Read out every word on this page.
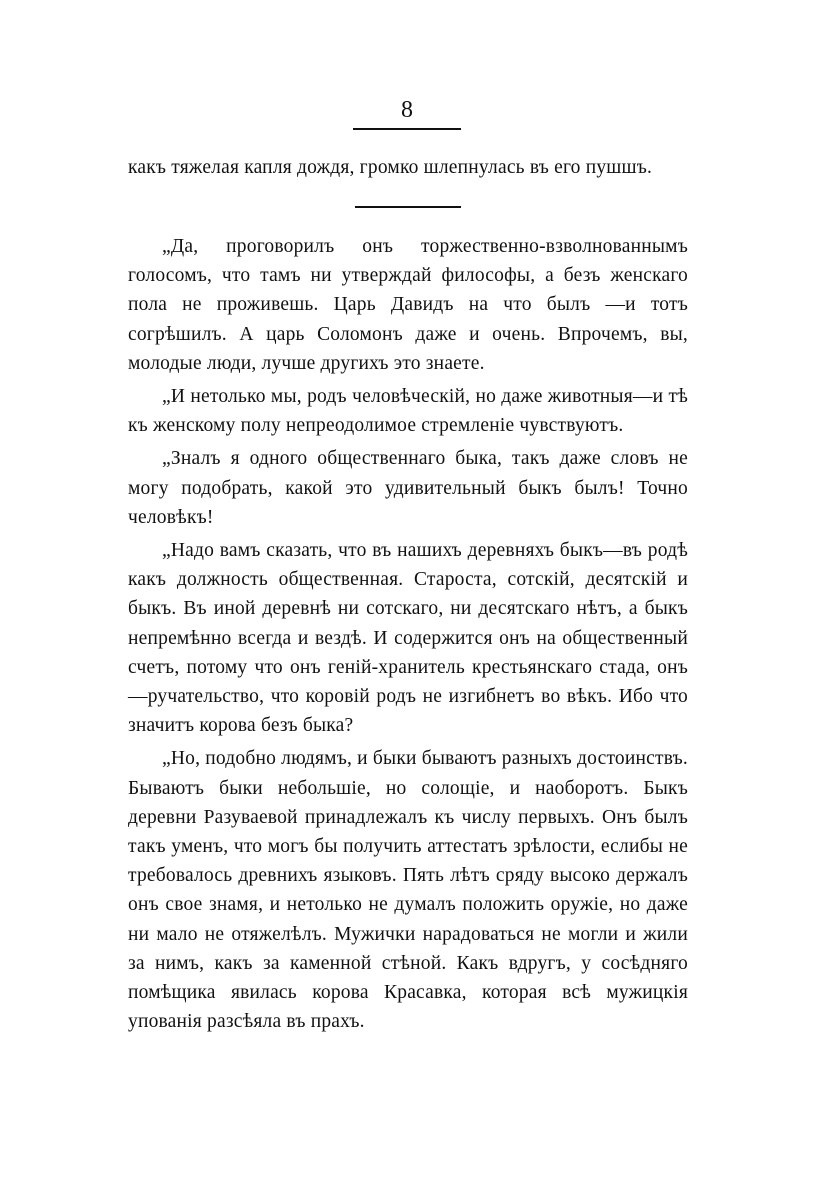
8

какъ тяжелая капля дождя, громко шлепнулась въ его пушшъ.

„Да, проговорилъ онъ торжественно-взволнованнымъ голосомъ, что тамъ ни утверждай философы, а безъ женскаго пола не проживешь. Царь Давидъ на что былъ —и тотъ согрѣшилъ. А царь Соломонъ даже и очень. Впрочемъ, вы, молодые люди, лучше другихъ это знаете.

„И нетолько мы, родъ человѣческій, но даже животныя—и тѣ къ женскому полу непреодолимое стремленіе чувствуютъ.

„Зналъ я одного общественнаго быка, такъ даже словъ не могу подобрать, какой это удивительный быкъ былъ! Точно человѣкъ!

„Надо вамъ сказать, что въ нашихъ деревняхъ быкъ—въ родѣ какъ должность общественная. Староста, сотскій, десятскій и быкъ. Въ иной деревнѣ ни сотскаго, ни десятскаго нѣтъ, а быкъ непремѣнно всегда и вездѣ. И содержится онъ на общественный счетъ, потому что онъ геній-хранитель крестьянскаго стада, онъ—ручательство, что коровій родъ не изгибнетъ во вѣкъ. Ибо что значитъ корова безъ быка?

„Но, подобно людямъ, и быки бываютъ разныхъ достоинствъ. Бываютъ быки небольшіе, но солощіе, и наоборотъ. Быкъ деревни Разуваевой принадлежалъ къ числу первыхъ. Онъ былъ такъ уменъ, что могъ бы получить аттестатъ зрѣлости, еслибы не требовалось древнихъ языковъ. Пять лѣтъ сряду высоко держалъ онъ свое знамя, и нетолько не думалъ положить оружіе, но даже ни мало не отяжелѣлъ. Мужички нарадоваться не могли и жили за нимъ, какъ за каменной стѣной. Какъ вдругъ, у сосѣдняго помѣщика явилась корова Красавка, которая всѣ мужицкія упованія разсѣяла въ прахъ.
